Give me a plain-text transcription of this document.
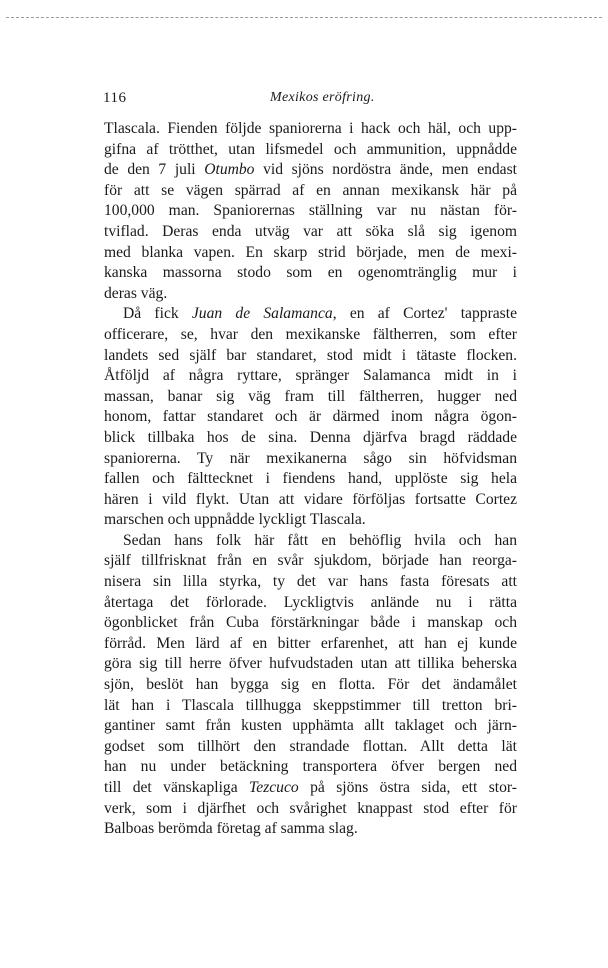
116	Mexikos eröfring.
Tlascala. Fienden följde spaniorerna i hack och häl, och upp-
gifna af trötthet, utan lifsmedel och ammunition, uppnådde
de den 7 juli Otumbo vid sjöns nordöstra ände, men endast
för att se vägen spärrad af en annan mexikansk här på
100,000 man. Spaniorernas ställning var nu nästan för-
tviflad. Deras enda utväg var att söka slå sig igenom
med blanka vapen. En skarp strid började, men de mexi-
kanska massorna stodo som en ogenomtränglig mur i
deras väg.
Då fick Juan de Salamanca, en af Cortez' tappraste
officerare, se, hvar den mexikanske fältherren, som efter
landets sed själf bar standaret, stod midt i tätaste flocken.
Åtföljd af några ryttare, spränger Salamanca midt in i
massan, banar sig väg fram till fältherren, hugger ned
honom, fattar standaret och är därmed inom några ögon-
blick tillbaka hos de sina. Denna djärfva bragd räddade
spaniorerna. Ty när mexikanerna sågo sin höfvidsman
fallen och fälttecknet i fiendens hand, upplöste sig hela
hären i vild flykt. Utan att vidare förföljas fortsatte Cortez
marschen och uppnådde lyckligt Tlascala.
Sedan hans folk här fått en behöflig hvila och han
själf tillfrisknat från en svår sjukdom, började han reorga-
nisera sin lilla styrka, ty det var hans fasta föresats att
återtaga det förlorade. Lyckligtvis anlände nu i rätta
ögonblicket från Cuba förstärkningar både i manskap och
förråd. Men lärd af en bitter erfarenhet, att han ej kunde
göra sig till herre öfver hufvudstaden utan att tillika beherska
sjön, beslöt han bygga sig en flotta. För det ändamålet
lät han i Tlascala tillhugga skeppstimmer till tretton bri-
gantiner samt från kusten upphämta allt taklaget och järn-
godset som tillhört den strandade flottan. Allt detta lät
han nu under betäckning transportera öfver bergen ned
till det vänskapliga Tezcuco på sjöns östra sida, ett stor-
verk, som i djärfhet och svårighet knappast stod efter för
Balboas berömda företag af samma slag.
